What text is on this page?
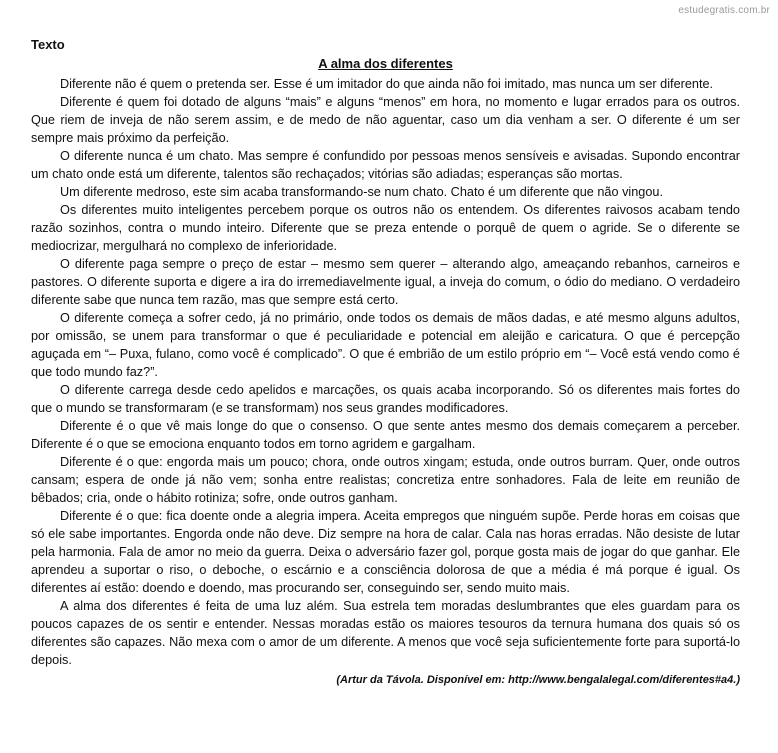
estudegratis.com.br
Texto
A alma dos diferentes

Diferente não é quem o pretenda ser. Esse é um imitador do que ainda não foi imitado, mas nunca um ser diferente.

Diferente é quem foi dotado de alguns “mais” e alguns “menos” em hora, no momento e lugar errados para os outros. Que riem de inveja de não serem assim, e de medo de não aguentar, caso um dia venham a ser. O diferente é um ser sempre mais próximo da perfeição.

O diferente nunca é um chato. Mas sempre é confundido por pessoas menos sensíveis e avisadas. Supondo encontrar um chato onde está um diferente, talentos são rechaçados; vitórias são adiadas; esperanças são mortas.

Um diferente medroso, este sim acaba transformando-se num chato. Chato é um diferente que não vingou.

Os diferentes muito inteligentes percebem porque os outros não os entendem. Os diferentes raivosos acabam tendo razão sozinhos, contra o mundo inteiro. Diferente que se preza entende o porquê de quem o agride. Se o diferente se mediocrizar, mergulhará no complexo de inferioridade.

O diferente paga sempre o preço de estar – mesmo sem querer – alterando algo, ameaçando rebanhos, carneiros e pastores. O diferente suporta e digere a ira do irremediavelmente igual, a inveja do comum, o ódio do mediano. O verdadeiro diferente sabe que nunca tem razão, mas que sempre está certo.

O diferente começa a sofrer cedo, já no primário, onde todos os demais de mãos dadas, e até mesmo alguns adultos, por omissão, se unem para transformar o que é peculiaridade e potencial em aleijão e caricatura. O que é percepção aguçada em “– Puxa, fulano, como você é complicado”. O que é embrião de um estilo próprio em “– Você está vendo como é que todo mundo faz?”.

O diferente carrega desde cedo apelidos e marcações, os quais acaba incorporando. Só os diferentes mais fortes do que o mundo se transformaram (e se transformam) nos seus grandes modificadores.

Diferente é o que vê mais longe do que o consenso. O que sente antes mesmo dos demais começarem a perceber. Diferente é o que se emociona enquanto todos em torno agridem e gargalham.

Diferente é o que: engorda mais um pouco; chora, onde outros xingam; estuda, onde outros burram. Quer, onde outros cansam; espera de onde já não vem; sonha entre realistas; concretiza entre sonhadores. Fala de leite em reunião de bêbados; cria, onde o hábito rotiniza; sofre, onde outros ganham.

Diferente é o que: fica doente onde a alegria impera. Aceita empregos que ninguém supõe. Perde horas em coisas que só ele sabe importantes. Engorda onde não deve. Diz sempre na hora de calar. Cala nas horas erradas. Não desiste de lutar pela harmonia. Fala de amor no meio da guerra. Deixa o adversário fazer gol, porque gosta mais de jogar do que ganhar. Ele aprendeu a suportar o riso, o deboche, o escárnio e a consciência dolorosa de que a média é má porque é igual. Os diferentes aí estão: doendo e doendo, mas procurando ser, conseguindo ser, sendo muito mais.

A alma dos diferentes é feita de uma luz além. Sua estrela tem moradas deslumbrantes que eles guardam para os poucos capazes de os sentir e entender. Nessas moradas estão os maiores tesouros da ternura humana dos quais só os diferentes são capazes. Não mexa com o amor de um diferente. A menos que você seja suficientemente forte para suportá-lo depois.

(Artur da Távola. Disponível em: http://www.bengalalegal.com/diferentes#a4.)
